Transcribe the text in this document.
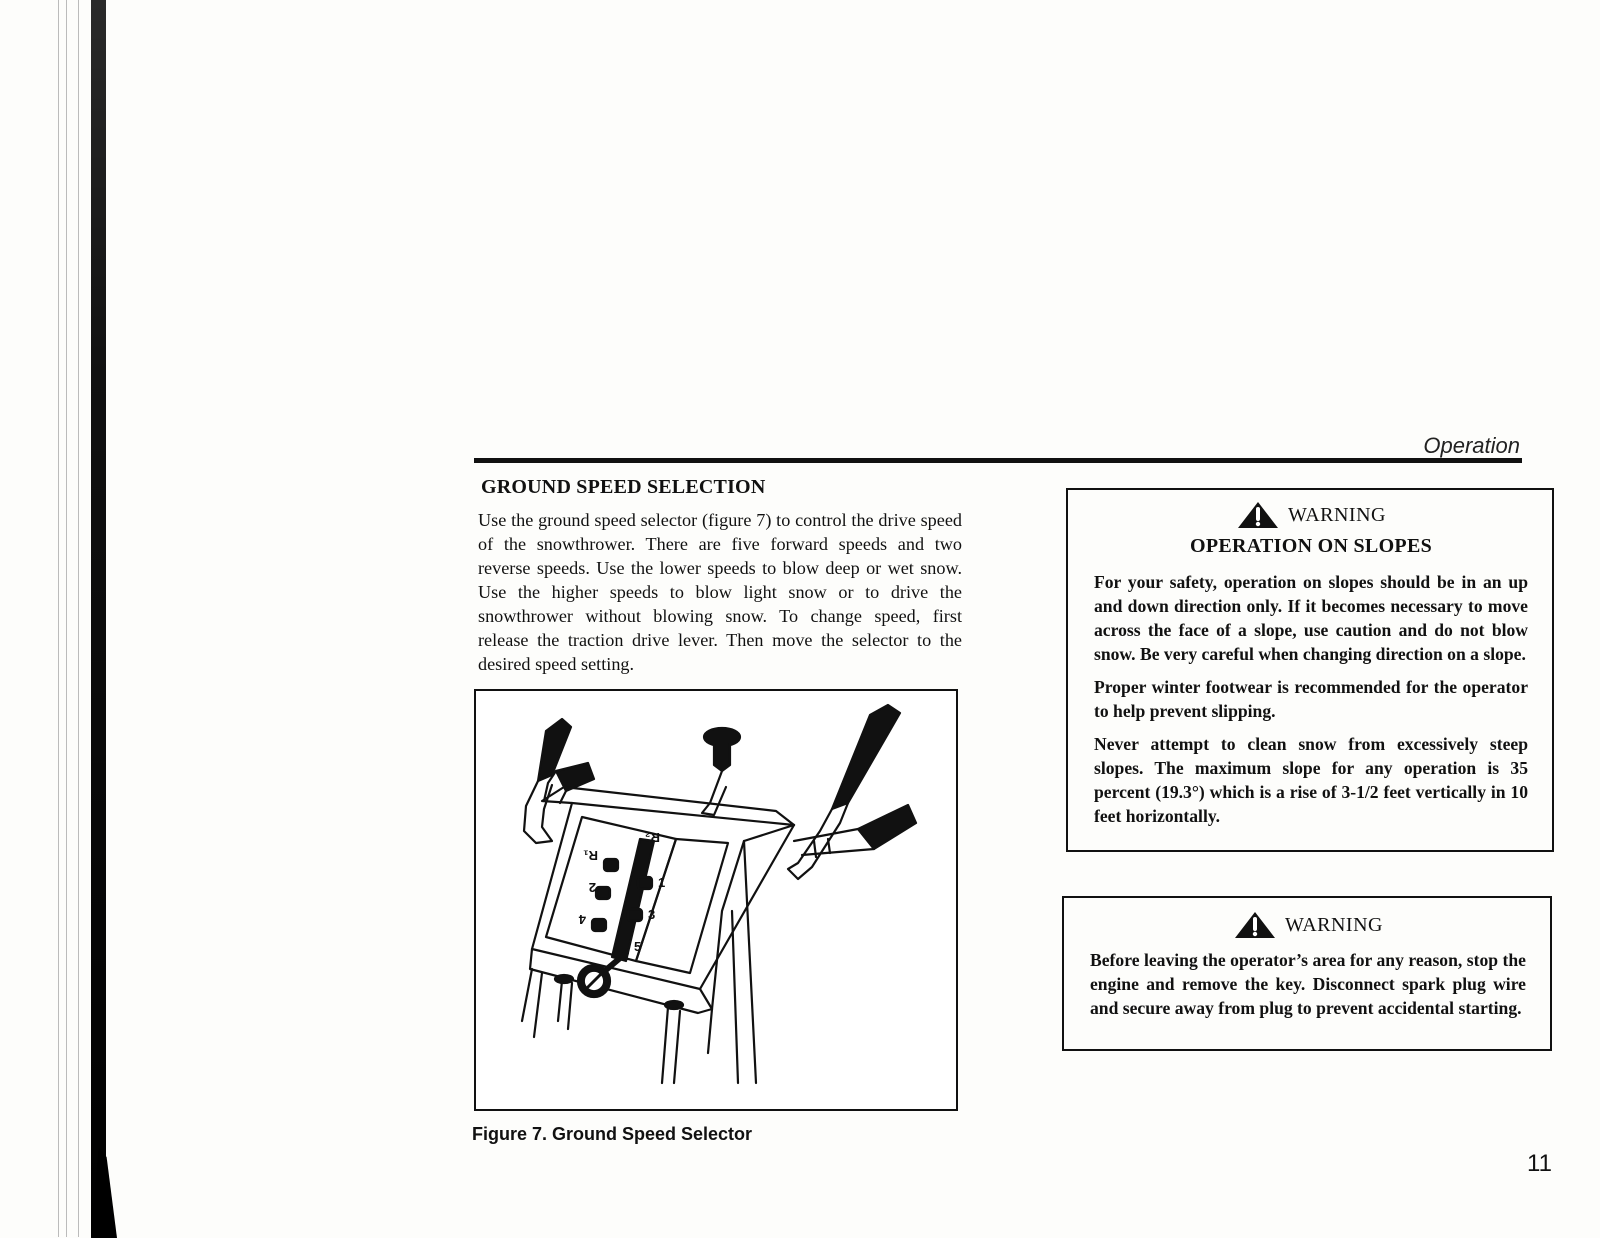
Operation
GROUND SPEED SELECTION
Use the ground speed selector (figure 7) to control the drive speed of the snowthrower. There are five forward speeds and two reverse speeds. Use the lower speeds to blow deep or wet snow. Use the higher speeds to blow light snow or to drive the snowthrower without blowing snow. To change speed, first release the traction drive lever. Then move the selector to the desired speed setting.
R₂
R₁
2	1
4	3
5
Figure 7. Ground Speed Selector
WARNING
OPERATION ON SLOPES

For your safety, operation on slopes should be in an up and down direction only. If it becomes necessary to move across the face of a slope, use caution and do not blow snow. Be very careful when changing direction on a slope.

Proper winter footwear is recommended for the operator to help prevent slipping.

Never attempt to clean snow from excessively steep slopes. The maximum slope for any operation is 35 percent (19.3°) which is a rise of 3-1/2 feet vertically in 10 feet horizontally.

WARNING

Before leaving the operator’s area for any reason, stop the engine and remove the key. Disconnect spark plug wire and secure away from plug to prevent accidental starting.

11
